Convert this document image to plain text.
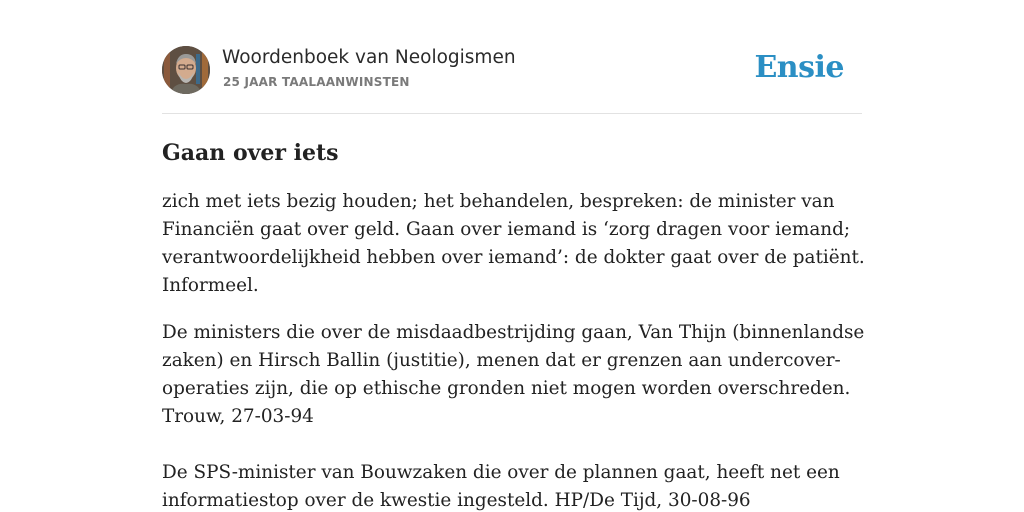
Woordenboek van Neologismen
25 JAAR TAALAANWINSTEN	Ensie
Gaan over iets

zich met iets bezig houden; het behandelen, bespreken: de minister van Financiën gaat over geld. Gaan over iemand is ‘zorg dragen voor iemand; verantwoordelijkheid hebben over iemand’: de dokter gaat over de patiënt. Informeel.

De ministers die over de misdaadbestrijding gaan, Van Thijn (binnenlandse zaken) en Hirsch Ballin (justitie), menen dat er grenzen aan undercover-operaties zijn, die op ethische gronden niet mogen worden overschreden. Trouw, 27-03-94
De SPS-minister van Bouwzaken die over de plannen gaat, heeft net een informatiestop over de kwestie ingesteld. HP/De Tijd, 30-08-96
